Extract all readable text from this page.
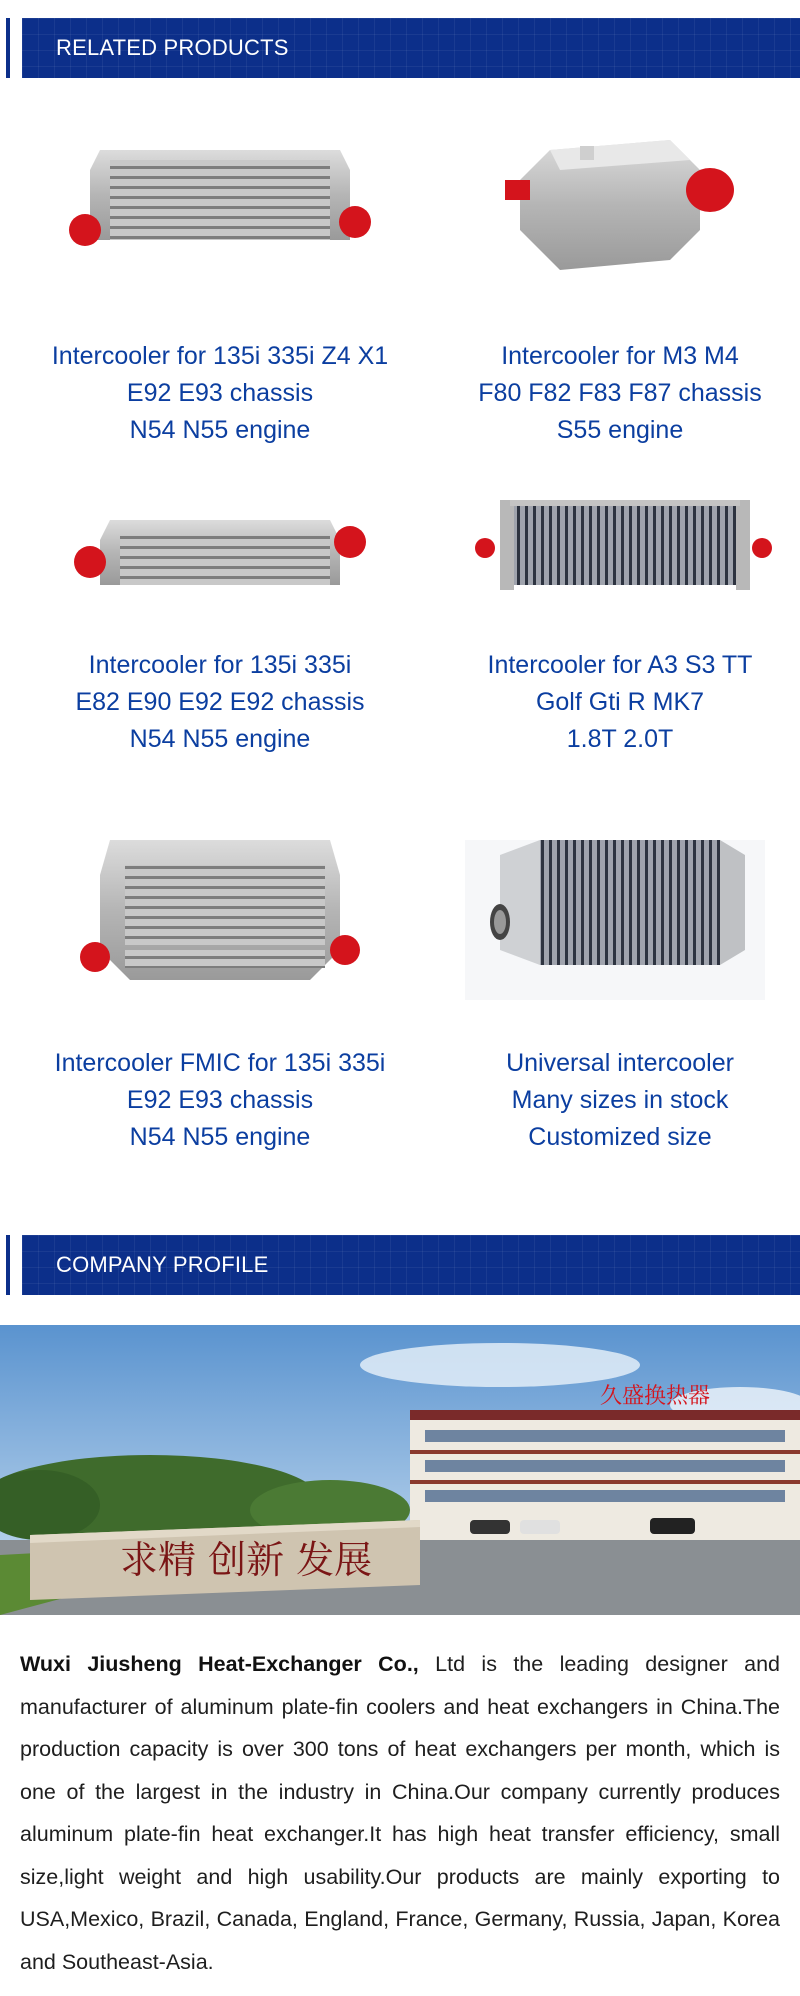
RELATED PRODUCTS
Intercooler for 135i 335i Z4 X1
E92 E93 chassis
N54 N55 engine
Intercooler for M3 M4
F80 F82 F83 F87 chassis
S55 engine
Intercooler for 135i 335i
E82 E90 E92 E92 chassis
N54 N55 engine
Intercooler for A3 S3 TT
Golf Gti R MK7
1.8T 2.0T
Intercooler FMIC for 135i 335i
E92 E93 chassis
N54 N55 engine
Universal intercooler
Many sizes in stock
Customized size
COMPANY PROFILE
久盛换热器
求精 创新 发展
Wuxi Jiusheng Heat-Exchanger Co., Ltd is the leading designer and manufacturer of aluminum plate-fin coolers and heat exchangers in China.The production capacity is over 300 tons of heat exchangers per month, which is one of the largest in the industry in China.Our company currently produces aluminum plate-fin heat exchanger.It has high heat transfer efficiency, small size,light weight and high usability.Our products are mainly exporting to USA,Mexico, Brazil, Canada, England, France, Germany, Russia, Japan, Korea and Southeast-Asia.
